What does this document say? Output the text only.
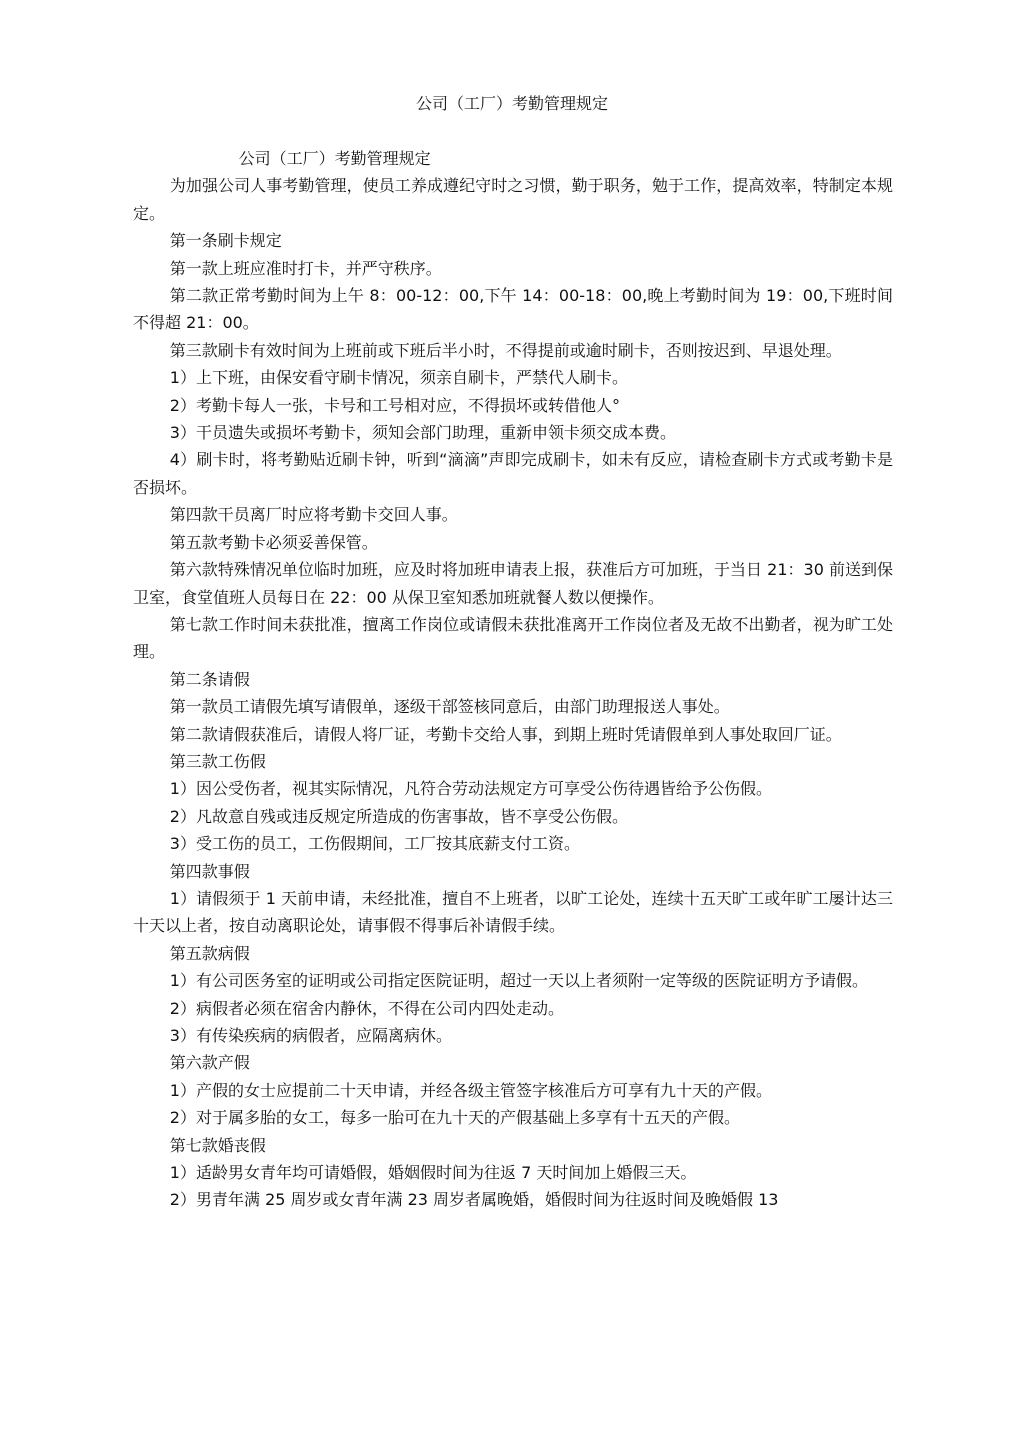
公司（工厂）考勤管理规定

公司（工厂）考勤管理规定

为加强公司人事考勤管理，使员工养成遵纪守时之习惯，勤于职务，勉于工作，提高效率，特制定本规定。

第一条刷卡规定

第一款上班应准时打卡，并严守秩序。

第二款正常考勤时间为上午 8：00-12：00,下午 14：00-18：00,晚上考勤时间为 19：00,下班时间不得超 21：00。

第三款刷卡有效时间为上班前或下班后半小时，不得提前或逾时刷卡，否则按迟到、早退处理。

1）上下班，由保安看守刷卡情况，须亲自刷卡，严禁代人刷卡。

2）考勤卡每人一张，卡号和工号相对应，不得损坏或转借他人°

3）干员遗失或损坏考勤卡，须知会部门助理，重新申领卡须交成本费。

4）刷卡时，将考勤贴近刷卡钟，听到“滴滴”声即完成刷卡，如未有反应，请检查刷卡方式或考勤卡是否损坏。

第四款干员离厂时应将考勤卡交回人事。

第五款考勤卡必须妥善保管。

第六款特殊情况单位临时加班，应及时将加班申请表上报，获准后方可加班，于当日 21：30 前送到保卫室，食堂值班人员每日在 22：00 从保卫室知悉加班就餐人数以便操作。

第七款工作时间未获批准，擅离工作岗位或请假未获批准离开工作岗位者及无故不出勤者，视为旷工处理。

第二条请假

第一款员工请假先填写请假单，逐级干部签核同意后，由部门助理报送人事处。

第二款请假获准后，请假人将厂证，考勤卡交给人事，到期上班时凭请假单到人事处取回厂证。

第三款工伤假

1）因公受伤者，视其实际情况，凡符合劳动法规定方可享受公伤待遇皆给予公伤假。

2）凡故意自残或违反规定所造成的伤害事故，皆不享受公伤假。

3）受工伤的员工，工伤假期间，工厂按其底薪支付工资。

第四款事假

1）请假须于 1 天前申请，未经批准，擅自不上班者，以旷工论处，连续十五天旷工或年旷工屡计达三十天以上者，按自动离职论处，请事假不得事后补请假手续。

第五款病假

1）有公司医务室的证明或公司指定医院证明，超过一天以上者须附一定等级的医院证明方予请假。

2）病假者必须在宿舍内静休，不得在公司内四处走动。

3）有传染疾病的病假者，应隔离病休。

第六款产假

1）产假的女士应提前二十天申请，并经各级主管签字核准后方可享有九十天的产假。

2）对于属多胎的女工，每多一胎可在九十天的产假基础上多享有十五天的产假。

第七款婚丧假

1）适龄男女青年均可请婚假，婚姻假时间为往返 7 天时间加上婚假三天。

2）男青年满 25 周岁或女青年满 23 周岁者属晚婚，婚假时间为往返时间及晚婚假 13
